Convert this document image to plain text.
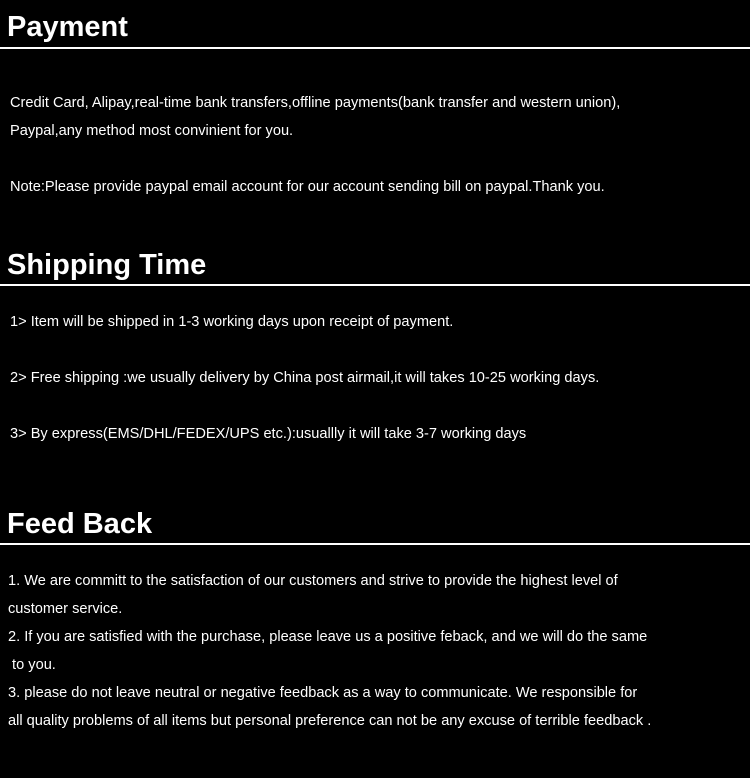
Payment
Credit Card, Alipay,real-time bank transfers,offline payments(bank transfer and western union),
Paypal,any method most convinient for you.
Note:Please provide paypal email account for our account sending bill on paypal.Thank you.
Shipping Time
1> Item will be shipped in 1-3 working days upon receipt of payment.
2> Free shipping :we usually delivery by China post airmail,it will takes 10-25 working days.
3> By express(EMS/DHL/FEDEX/UPS etc.):usuallly it will take 3-7 working days
Feed Back
1. We are committ to the satisfaction of our customers and strive to provide the highest level of
customer service.
2. If you are satisfied with the purchase, please leave us a positive feback, and we will do the same
to you.
3. please do not leave neutral or negative feedback as a way to communicate. We responsible for
all quality problems of all items but personal preference can not be any excuse of terrible feedback .
